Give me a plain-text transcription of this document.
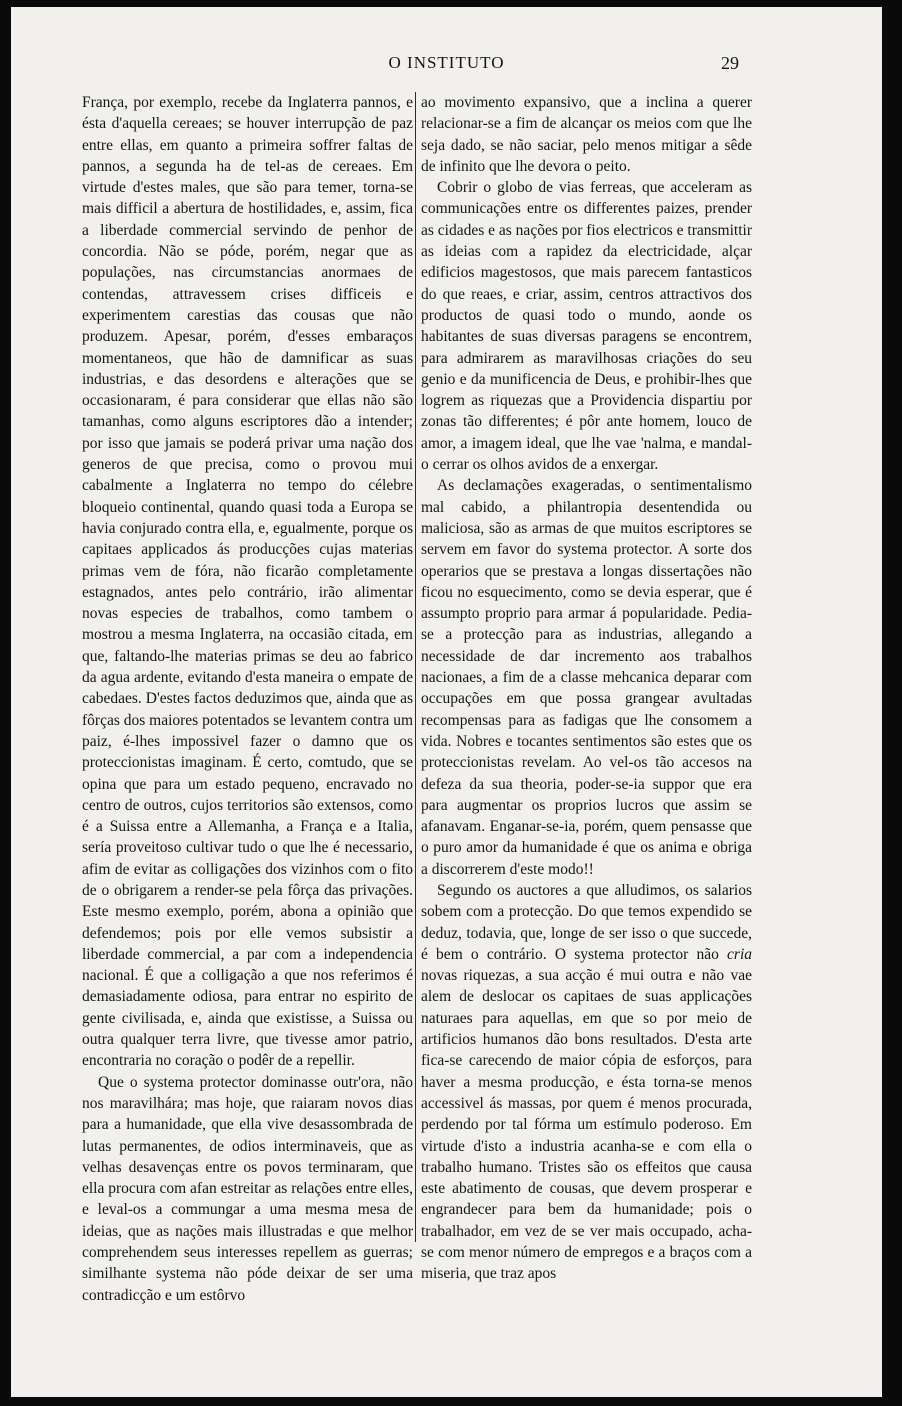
O INSTITUTO	29

França, por exemplo, recebe da Inglaterra pannos, e ésta d'aquella cereaes; se houver interrupção de paz entre ellas, em quanto a primeira soffrer faltas de pannos, a segunda ha de tel-as de cereaes. Em virtude d'estes males, que são para temer, torna-se mais difficil a abertura de hostilidades, e, assim, fica a liberdade commercial servindo de penhor de concordia. Não se póde, porém, negar que as populações, nas circumstancias anormaes de contendas, attravessem crises difficeis e experimentem carestias das cousas que não produzem. Apesar, porém, d'esses embaraços momentaneos, que hão de damnificar as suas industrias, e das desordens e alterações que se occasionaram, é para considerar que ellas não são tamanhas, como alguns escriptores dão a intender; por isso que jamais se poderá privar uma nação dos generos de que precisa, como o provou mui cabalmente a Inglaterra no tempo do célebre bloqueio continental, quando quasi toda a Europa se havia conjurado contra ella, e, egualmente, porque os capitaes applicados ás producções cujas materias primas vem de fóra, não ficarão completamente estagnados, antes pelo contrário, irão alimentar novas especies de trabalhos, como tambem o mostrou a mesma Inglaterra, na occasião citada, em que, faltando-lhe materias primas se deu ao fabrico da agua ardente, evitando d'esta maneira o empate de cabedaes. D'estes factos deduzimos que, ainda que as fôrças dos maiores potentados se levantem contra um paiz, é-lhes impossivel fazer o damno que os proteccionistas imaginam. É certo, comtudo, que se opina que para um estado pequeno, encravado no centro de outros, cujos territorios são extensos, como é a Suissa entre a Allemanha, a França e a Italia, sería proveitoso cultivar tudo o que lhe é necessario, afim de evitar as colligações dos vizinhos com o fito de o obrigarem a render-se pela fôrça das privações. Este mesmo exemplo, porém, abona a opinião que defendemos; pois por elle vemos subsistir a liberdade commercial, a par com a independencia nacional. É que a colligação a que nos referimos é demasiadamente odiosa, para entrar no espirito de gente civilisada, e, ainda que existisse, a Suissa ou outra qualquer terra livre, que tivesse amor patrio, encontraria no coração o podêr de a repellir.

Que o systema protector dominasse outr'ora, não nos maravilhára; mas hoje, que raiaram novos dias para a humanidade, que ella vive desassombrada de lutas permanentes, de odios interminaveis, que as velhas desavenças entre os povos terminaram, que ella procura com afan estreitar as relações entre elles, e leval-os a commungar a uma mesma mesa de ideias, que as nações mais illustradas e que melhor comprehendem seus interesses repellem as guerras; similhante systema não póde deixar de ser uma contradicção e um estôrvo

ao movimento expansivo, que a inclina a querer relacionar-se a fim de alcançar os meios com que lhe seja dado, se não saciar, pelo menos mitigar a sêde de infinito que lhe devora o peito.

Cobrir o globo de vias ferreas, que acceleram as communicações entre os differentes paizes, prender as cidades e as nações por fios electricos e transmittir as ideias com a rapidez da electricidade, alçar edificios magestosos, que mais parecem fantasticos do que reaes, e criar, assim, centros attractivos dos productos de quasi todo o mundo, aonde os habitantes de suas diversas paragens se encontrem, para admirarem as maravilhosas criações do seu genio e da munificencia de Deus, e prohibir-lhes que logrem as riquezas que a Providencia dispartiu por zonas tão differentes; é pôr ante homem, louco de amor, a imagem ideal, que lhe vae 'nalma, e mandal-o cerrar os olhos avidos de a enxergar.

As declamações exageradas, o sentimentalismo mal cabido, a philantropia desentendida ou maliciosa, são as armas de que muitos escriptores se servem em favor do systema protector. A sorte dos operarios que se prestava a longas dissertações não ficou no esquecimento, como se devia esperar, que é assumpto proprio para armar á popularidade. Pedia-se a protecção para as industrias, allegando a necessidade de dar incremento aos trabalhos nacionaes, a fim de a classe mehcanica deparar com occupações em que possa grangear avultadas recompensas para as fadigas que lhe consomem a vida. Nobres e tocantes sentimentos são estes que os proteccionistas revelam. Ao vel-os tão accesos na defeza da sua theoria, poder-se-ia suppor que era para augmentar os proprios lucros que assim se afanavam. Enganar-se-ia, porém, quem pensasse que o puro amor da humanidade é que os anima e obriga a discorrerem d'este modo!!

Segundo os auctores a que alludimos, os salarios sobem com a protecção. Do que temos expendido se deduz, todavia, que, longe de ser isso o que succede, é bem o contrário. O systema protector não cria novas riquezas, a sua acção é mui outra e não vae alem de deslocar os capitaes de suas applicações naturaes para aquellas, em que so por meio de artificios humanos dão bons resultados. D'esta arte fica-se carecendo de maior cópia de esforços, para haver a mesma producção, e ésta torna-se menos accessivel ás massas, por quem é menos procurada, perdendo por tal fórma um estímulo poderoso. Em virtude d'isto a industria acanha-se e com ella o trabalho humano. Tristes são os effeitos que causa este abatimento de cousas, que devem prosperar e engrandecer para bem da humanidade; pois o trabalhador, em vez de se ver mais occupado, acha-se com menor número de empregos e a braços com a miseria, que traz apos
